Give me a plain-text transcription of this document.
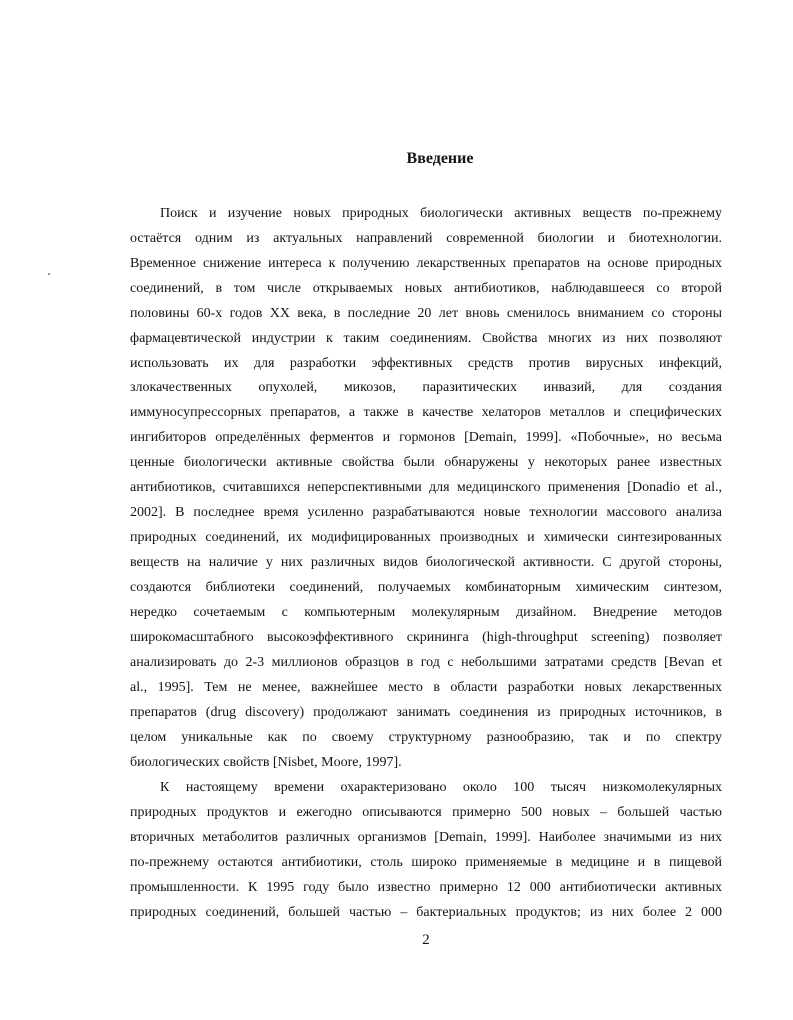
Введение
Поиск и изучение новых природных биологически активных веществ по-прежнему
остаётся одним из актуальных направлений современной биологии и биотехнологии.
Временное снижение интереса к получению лекарственных препаратов на основе природных
соединений, в том числе открываемых новых антибиотиков, наблюдавшееся со второй
половины 60-х годов XX века, в последние 20 лет вновь сменилось вниманием со стороны
фармацевтической индустрии к таким соединениям. Свойства многих из них позволяют
использовать их для разработки эффективных средств против вирусных инфекций,
злокачественных опухолей, микозов, паразитических инвазий, для создания
иммуносупрессорных препаратов, а также в качестве хелаторов металлов и специфических
ингибиторов определённых ферментов и гормонов [Demain, 1999]. «Побочные», но весьма
ценные биологически активные свойства были обнаружены у некоторых ранее известных
антибиотиков, считавшихся неперспективными для медицинского применения [Donadio et al.,
2002]. В последнее время усиленно разрабатываются новые технологии массового анализа
природных соединений, их модифицированных производных и химически синтезированных
веществ на наличие у них различных видов биологической активности. С другой стороны,
создаются библиотеки соединений, получаемых комбинаторным химическим синтезом,
нередко сочетаемым с компьютерным молекулярным дизайном. Внедрение методов
широкомасштабного высокоэффективного скрининга (high-throughput screening) позволяет
анализировать до 2-3 миллионов образцов в год с небольшими затратами средств [Bevan et
al., 1995]. Тем не менее, важнейшее место в области разработки новых лекарственных
препаратов (drug discovery) продолжают занимать соединения из природных источников, в
целом уникальные как по своему структурному разнообразию, так и по спектру
биологических свойств [Nisbet, Moore, 1997].
К настоящему времени охарактеризовано около 100 тысяч низкомолекулярных
природных продуктов и ежегодно описываются примерно 500 новых – большей частью
вторичных метаболитов различных организмов [Demain, 1999]. Наиболее значимыми из них
по-прежнему остаются антибиотики, столь широко применяемые в медицине и в пищевой
промышленности. К 1995 году было известно примерно 12 000 антибиотически активных
природных соединений, большей частью – бактериальных продуктов; из них более 2 000
2
